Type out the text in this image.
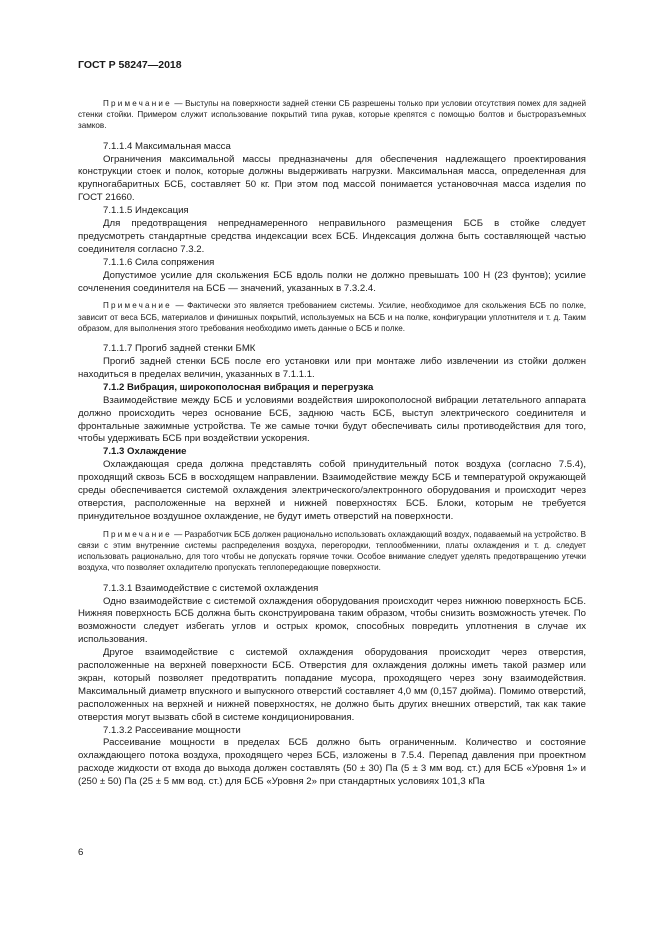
ГОСТ Р 58247—2018

Примечание — Выступы на поверхности задней стенки СБ разрешены только при условии отсутствия помех для задней стенки стойки. Примером служит использование покрытий типа рукав, которые крепятся с помощью болтов и быстроразъемных замков.

7.1.1.4 Максимальная масса

Ограничения максимальной массы предназначены для обеспечения надлежащего проектирования конструкции стоек и полок, которые должны выдерживать нагрузки. Максимальная масса, определенная для крупногабаритных БСБ, составляет 50 кг. При этом под массой понимается установочная масса изделия по ГОСТ 21660.

7.1.1.5 Индексация

Для предотвращения непреднамеренного неправильного размещения БСБ в стойке следует предусмотреть стандартные средства индексации всех БСБ. Индексация должна быть составляющей частью соединителя согласно 7.3.2.

7.1.1.6 Сила сопряжения

Допустимое усилие для скольжения БСБ вдоль полки не должно превышать 100 Н (23 фунтов); усилие сочленения соединителя на БСБ — значений, указанных в 7.3.2.4.

Примечание — Фактически это является требованием системы. Усилие, необходимое для скольжения БСБ по полке, зависит от веса БСБ, материалов и финишных покрытий, используемых на БСБ и на полке, конфигурации уплотнителя и т. д. Таким образом, для выполнения этого требования необходимо иметь данные о БСБ и полке.

7.1.1.7 Прогиб задней стенки БМК

Прогиб задней стенки БСБ после его установки или при монтаже либо извлечении из стойки должен находиться в пределах величин, указанных в 7.1.1.1.

7.1.2 Вибрация, широкополосная вибрация и перегрузка

Взаимодействие между БСБ и условиями воздействия широкополосной вибрации летательного аппарата должно происходить через основание БСБ, заднюю часть БСБ, выступ электрического соединителя и фронтальные зажимные устройства. Те же самые точки будут обеспечивать силы противодействия для того, чтобы удерживать БСБ при воздействии ускорения.

7.1.3 Охлаждение

Охлаждающая среда должна представлять собой принудительный поток воздуха (согласно 7.5.4), проходящий сквозь БСБ в восходящем направлении. Взаимодействие между БСБ и температурой окружающей среды обеспечивается системой охлаждения электрического/электронного оборудования и происходит через отверстия, расположенные на верхней и нижней поверхностях БСБ. Блоки, которым не требуется принудительное воздушное охлаждение, не будут иметь отверстий на поверхности.

Примечание — Разработчик БСБ должен рационально использовать охлаждающий воздух, подаваемый на устройство. В связи с этим внутренние системы распределения воздуха, перегородки, теплообменники, платы охлаждения и т. д. следует использовать рационально, для того чтобы не допускать горячие точки. Особое внимание следует уделять предотвращению утечки воздуха, что позволяет охладителю пропускать теплопередающие поверхности.

7.1.3.1 Взаимодействие с системой охлаждения

Одно взаимодействие с системой охлаждения оборудования происходит через нижнюю поверхность БСБ. Нижняя поверхность БСБ должна быть сконструирована таким образом, чтобы снизить возможность утечек. По возможности следует избегать углов и острых кромок, способных повредить уплотнения в случае их использования.

Другое взаимодействие с системой охлаждения оборудования происходит через отверстия, расположенные на верхней поверхности БСБ. Отверстия для охлаждения должны иметь такой размер или экран, который позволяет предотвратить попадание мусора, проходящего через зону взаимодействия. Максимальный диаметр впускного и выпускного отверстий составляет 4,0 мм (0,157 дюйма). Помимо отверстий, расположенных на верхней и нижней поверхностях, не должно быть других внешних отверстий, так как такие отверстия могут вызвать сбой в системе кондиционирования.

7.1.3.2 Рассеивание мощности

Рассеивание мощности в пределах БСБ должно быть ограниченным. Количество и состояние охлаждающего потока воздуха, проходящего через БСБ, изложены в 7.5.4. Перепад давления при проектном расходе жидкости от входа до выхода должен составлять (50 ± 30) Па (5 ± 3 мм вод. ст.) для БСБ «Уровня 1» и (250 ± 50) Па (25 ± 5 мм вод. ст.) для БСБ «Уровня 2» при стандартных условиях 101,3 кПа

6
